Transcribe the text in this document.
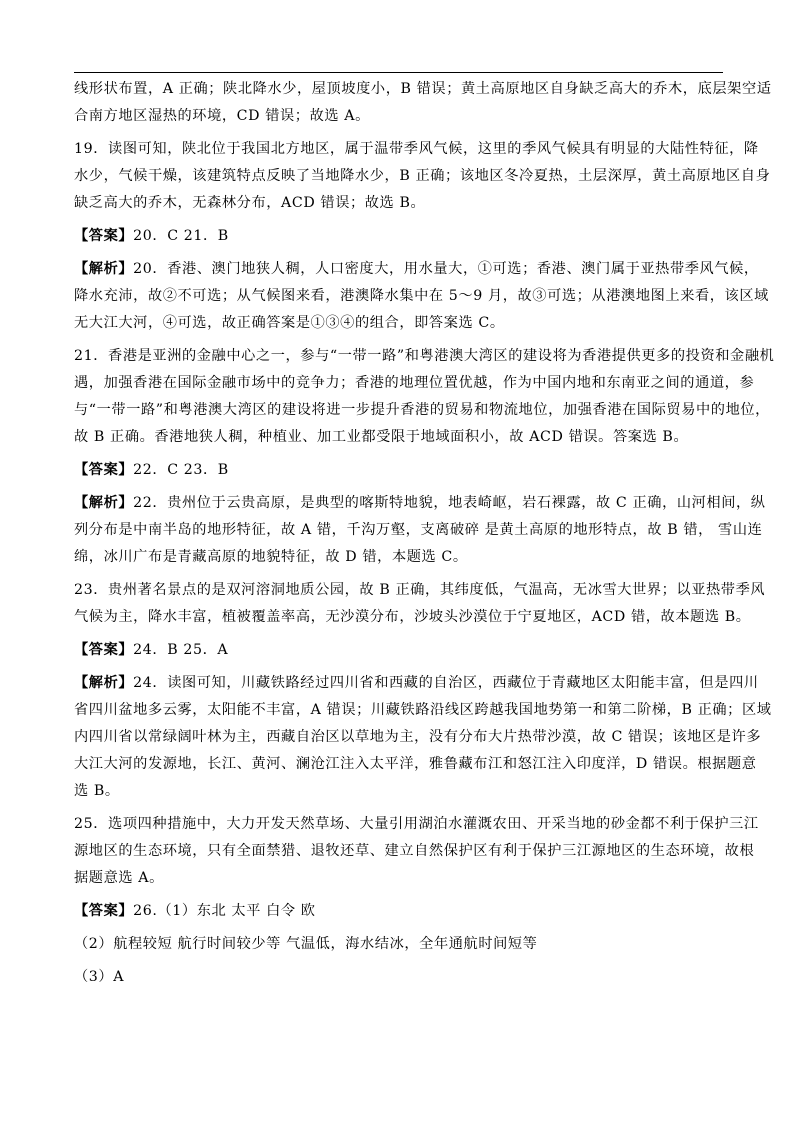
线形状布置，A 正确；陕北降水少，屋顶坡度小，B 错误；黄土高原地区自身缺乏高大的乔木，底层架空适

合南方地区湿热的环境，CD 错误；故选 A。

19．读图可知，陕北位于我国北方地区，属于温带季风气候，这里的季风气候具有明显的大陆性特征，降

水少，气候干燥，该建筑特点反映了当地降水少，B 正确；该地区冬冷夏热，土层深厚，黄土高原地区自身

缺乏高大的乔木，无森林分布，ACD 错误；故选 B。

【答案】20．C 21．B

【解析】20．香港、澳门地狭人稠，人口密度大，用水量大，①可选；香港、澳门属于亚热带季风气候，

降水充沛，故②不可选；从气候图来看，港澳降水集中在 5～9 月，故③可选；从港澳地图上来看，该区域

无大江大河，④可选，故正确答案是①③④的组合，即答案选 C。

21．香港是亚洲的金融中心之一，参与“一带一路”和粤港澳大湾区的建设将为香港提供更多的投资和金融机

遇，加强香港在国际金融市场中的竞争力；香港的地理位置优越，作为中国内地和东南亚之间的通道，参

与“一带一路”和粤港澳大湾区的建设将进一步提升香港的贸易和物流地位，加强香港在国际贸易中的地位，

故 B 正确。香港地狭人稠，种植业、加工业都受限于地域面积小，故 ACD 错误。答案选 B。

【答案】22．C 23．B

【解析】22．贵州位于云贵高原，是典型的喀斯特地貌，地表崎岖，岩石裸露，故 C 正确，山河相间，纵

列分布是中南半岛的地形特征，故 A 错，千沟万壑，支离破碎 是黄土高原的地形特点，故 B 错， 雪山连

绵，冰川广布是青藏高原的地貌特征，故 D 错，本题选 C。

23．贵州著名景点的是双河溶洞地质公园，故 B 正确，其纬度低，气温高，无冰雪大世界；以亚热带季风

气候为主，降水丰富，植被覆盖率高，无沙漠分布，沙坡头沙漠位于宁夏地区，ACD 错，故本题选 B。

【答案】24．B 25．A

【解析】24．读图可知，川藏铁路经过四川省和西藏的自治区，西藏位于青藏地区太阳能丰富，但是四川

省四川盆地多云雾，太阳能不丰富，A 错误；川藏铁路沿线区跨越我国地势第一和第二阶梯，B 正确；区域

内四川省以常绿阔叶林为主，西藏自治区以草地为主，没有分布大片热带沙漠，故 C 错误；该地区是许多

大江大河的发源地，长江、黄河、澜沧江注入太平洋，雅鲁藏布江和怒江注入印度洋，D 错误。根据题意

选 B。

25．选项四种措施中，大力开发天然草场、大量引用湖泊水灌溉农田、开采当地的砂金都不利于保护三江

源地区的生态环境，只有全面禁猎、退牧还草、建立自然保护区有利于保护三江源地区的生态环境，故根

据题意选 A。

【答案】26.（1）东北 太平 白令 欧

（2）航程较短 航行时间较少等 气温低，海水结冰，全年通航时间短等

（3）A
